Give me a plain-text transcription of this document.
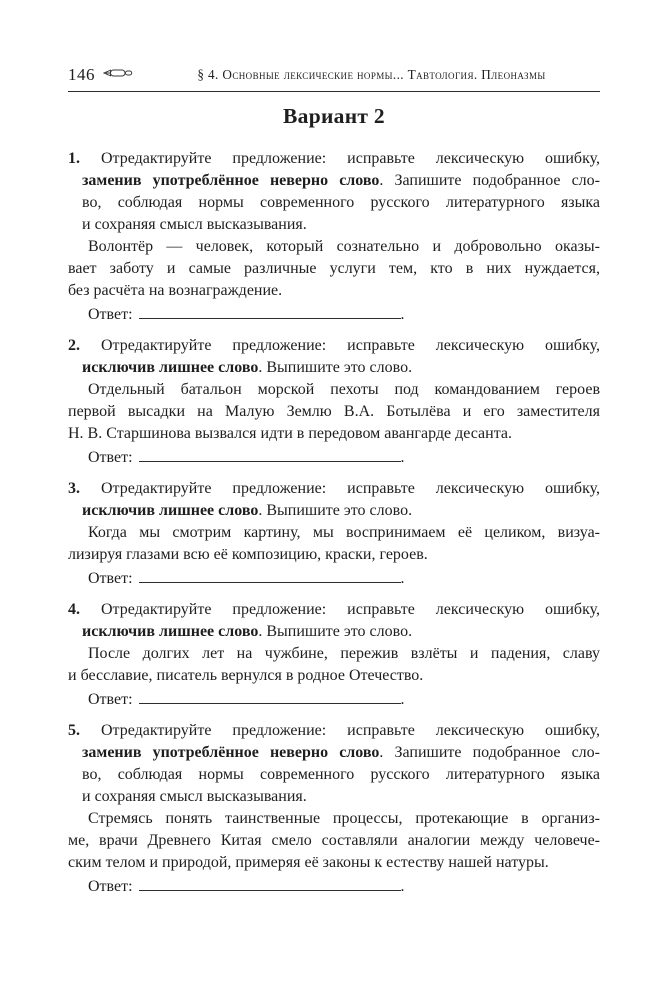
146	§ 4. Основные лексические нормы... Тавтология. Плеоназмы
Вариант 2
1. Отредактируйте предложение: исправьте лексическую ошибку,
заменив употреблённое неверно слово. Запишите подобранное сло-
во, соблюдая нормы современного русского литературного языка
и сохраняя смысл высказывания.
Волонтёр — человек, который сознательно и добровольно оказы-
вает заботу и самые различные услуги тем, кто в них нуждается,
без расчёта на вознаграждение.
Ответ:	.
2. Отредактируйте предложение: исправьте лексическую ошибку,
исключив лишнее слово. Выпишите это слово.
Отдельный батальон морской пехоты под командованием героев
первой высадки на Малую Землю В.А. Ботылёва и его заместителя
Н. В. Старшинова вызвался идти в передовом авангарде десанта.
Ответ:	.
3. Отредактируйте предложение: исправьте лексическую ошибку,
исключив лишнее слово. Выпишите это слово.
Когда мы смотрим картину, мы воспринимаем её целиком, визуа-
лизируя глазами всю её композицию, краски, героев.
Ответ:	.
4. Отредактируйте предложение: исправьте лексическую ошибку,
исключив лишнее слово. Выпишите это слово.
После долгих лет на чужбине, пережив взлёты и падения, славу
и бесславие, писатель вернулся в родное Отечество.
Ответ:	.
5. Отредактируйте предложение: исправьте лексическую ошибку,
заменив употреблённое неверно слово. Запишите подобранное сло-
во, соблюдая нормы современного русского литературного языка
и сохраняя смысл высказывания.
Стремясь понять таинственные процессы, протекающие в организ-
ме, врачи Древнего Китая смело составляли аналогии между человече-
ским телом и природой, примеряя её законы к естеству нашей натуры.
Ответ:	.
